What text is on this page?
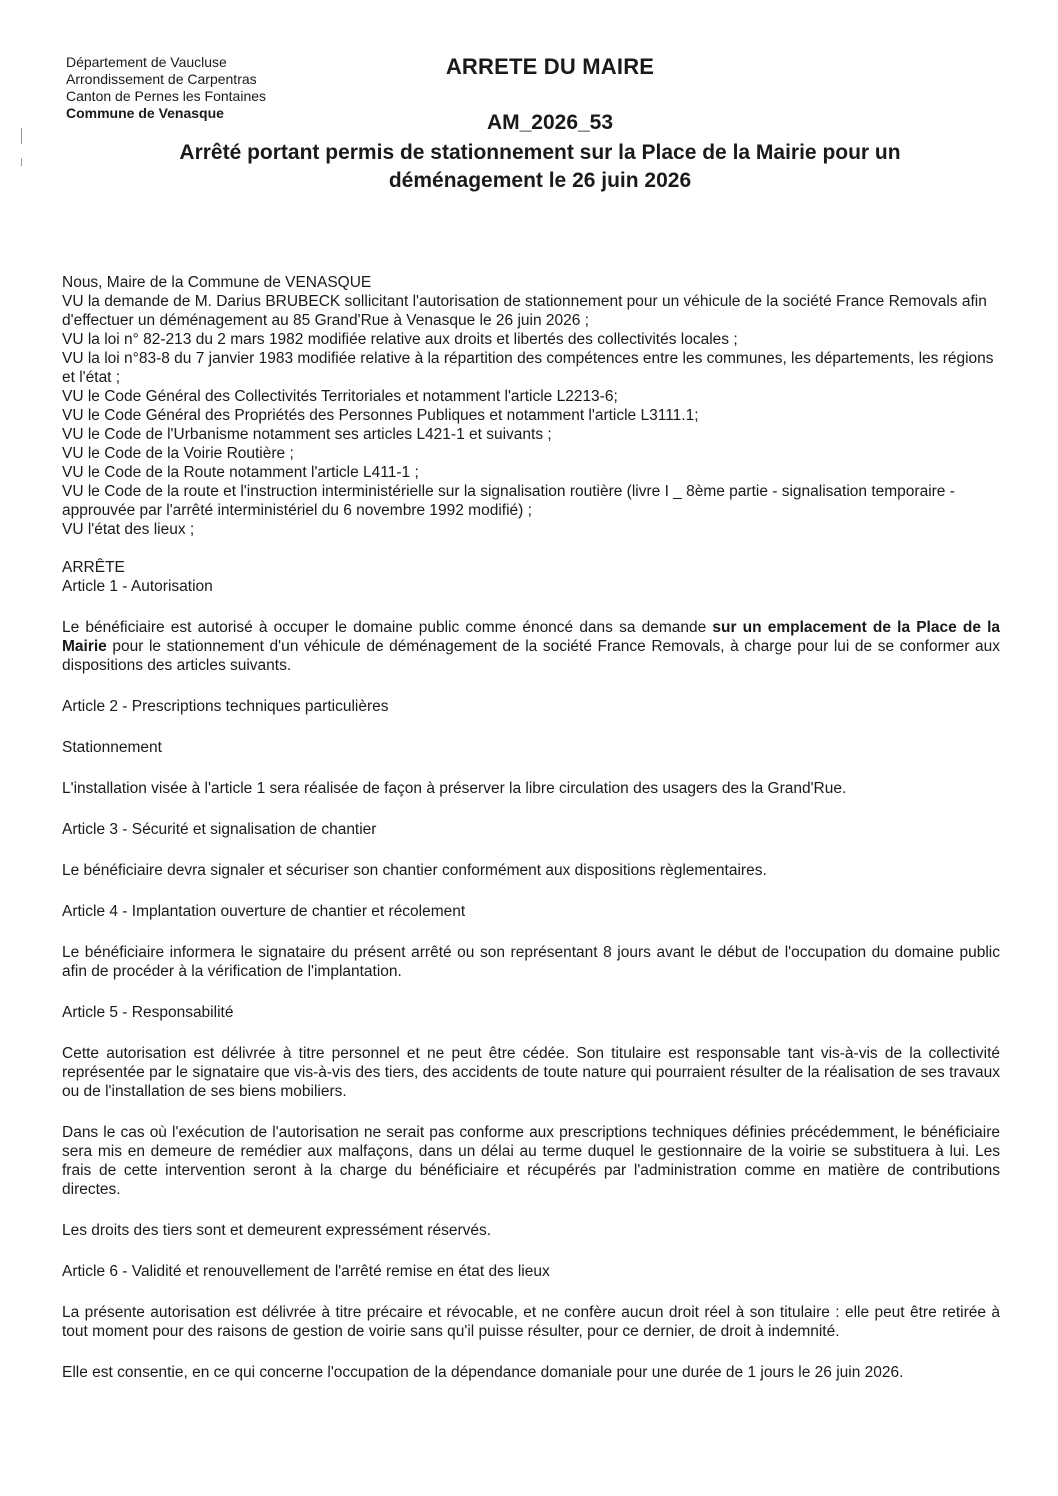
Département de Vaucluse
Arrondissement de Carpentras
Canton de Pernes les Fontaines
Commune de Venasque
ARRETE DU MAIRE
AM_2026_53
Arrêté portant permis de stationnement sur la Place de la Mairie pour un
déménagement le 26 juin 2026

Nous, Maire de la Commune de VENASQUE

VU la demande de M. Darius BRUBECK sollicitant l'autorisation de stationnement pour un véhicule de la société France Removals afin d'effectuer un déménagement au 85 Grand'Rue à Venasque le 26 juin 2026 ;

VU la loi n° 82-213 du 2 mars 1982 modifiée relative aux droits et libertés des collectivités locales ;

VU la loi n°83-8 du 7 janvier 1983 modifiée relative à la répartition des compétences entre les communes, les départements, les régions et l'état ;

VU le Code Général des Collectivités Territoriales et notamment l'article L2213-6;

VU le Code Général des Propriétés des Personnes Publiques et notamment l'article L3111.1;

VU le Code de l'Urbanisme notamment ses articles L421-1 et suivants ;

VU le Code de la Voirie Routière ;

VU le Code de la Route notamment l'article L411-1 ;

VU le Code de la route et l'instruction interministérielle sur la signalisation routière (livre I _ 8ème partie - signalisation temporaire - approuvée par l'arrêté interministériel du 6 novembre 1992 modifié) ;

VU l'état des lieux ;

ARRÊTE

Article 1 - Autorisation

Le bénéficiaire est autorisé à occuper le domaine public comme énoncé dans sa demande sur un emplacement de la Place de la Mairie pour le stationnement d'un véhicule de déménagement de la société France Removals, à charge pour lui de se conformer aux dispositions des articles suivants.

Article 2 - Prescriptions techniques particulières

Stationnement

L'installation visée à l'article 1 sera réalisée de façon à préserver la libre circulation des usagers des la Grand'Rue.

Article 3 - Sécurité et signalisation de chantier

Le bénéficiaire devra signaler et sécuriser son chantier conformément aux dispositions règlementaires.

Article 4 - Implantation ouverture de chantier et récolement

Le bénéficiaire informera le signataire du présent arrêté ou son représentant 8 jours avant le début de l'occupation du domaine public afin de procéder à la vérification de l'implantation.

Article 5 - Responsabilité

Cette autorisation est délivrée à titre personnel et ne peut être cédée. Son titulaire est responsable tant vis-à-vis de la collectivité représentée par le signataire que vis-à-vis des tiers, des accidents de toute nature qui pourraient résulter de la réalisation de ses travaux ou de l'installation de ses biens mobiliers.

Dans le cas où l'exécution de l'autorisation ne serait pas conforme aux prescriptions techniques définies précédemment, le bénéficiaire sera mis en demeure de remédier aux malfaçons, dans un délai au terme duquel le gestionnaire de la voirie se substituera à lui. Les frais de cette intervention seront à la charge du bénéficiaire et récupérés par l'administration comme en matière de contributions directes.

Les droits des tiers sont et demeurent expressément réservés.

Article 6 - Validité et renouvellement de l'arrêté remise en état des lieux

La présente autorisation est délivrée à titre précaire et révocable, et ne confère aucun droit réel à son titulaire : elle peut être retirée à tout moment pour des raisons de gestion de voirie sans qu'il puisse résulter, pour ce dernier, de droit à indemnité.

Elle est consentie, en ce qui concerne l'occupation de la dépendance domaniale pour une durée de 1 jours le 26 juin 2026.
